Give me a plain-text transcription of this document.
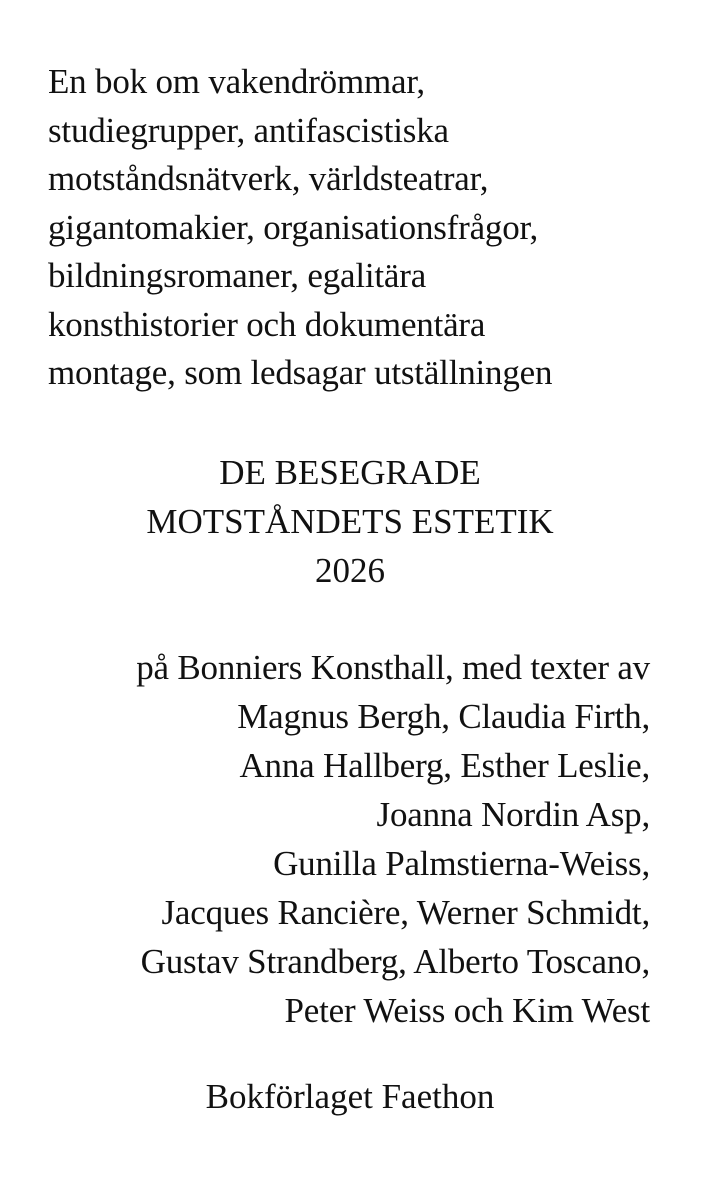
En bok om vakendrömmar,
studiegrupper, antifascistiska
motståndsnätverk, världsteatrar,
gigantomakier, organisationsfrågor,
bildningsromaner, egalitära
konsthistorier och dokumentära
montage, som ledsagar utställningen

DE BESEGRADE
MOTSTÅNDETS ESTETIK
2026

på Bonniers Konsthall, med texter av
Magnus Bergh, Claudia Firth,
Anna Hallberg, Esther Leslie,
Joanna Nordin Asp,
Gunilla Palmstierna-Weiss,
Jacques Rancière, Werner Schmidt,
Gustav Strandberg, Alberto Toscano,
Peter Weiss och Kim West

Bokförlaget Faethon
